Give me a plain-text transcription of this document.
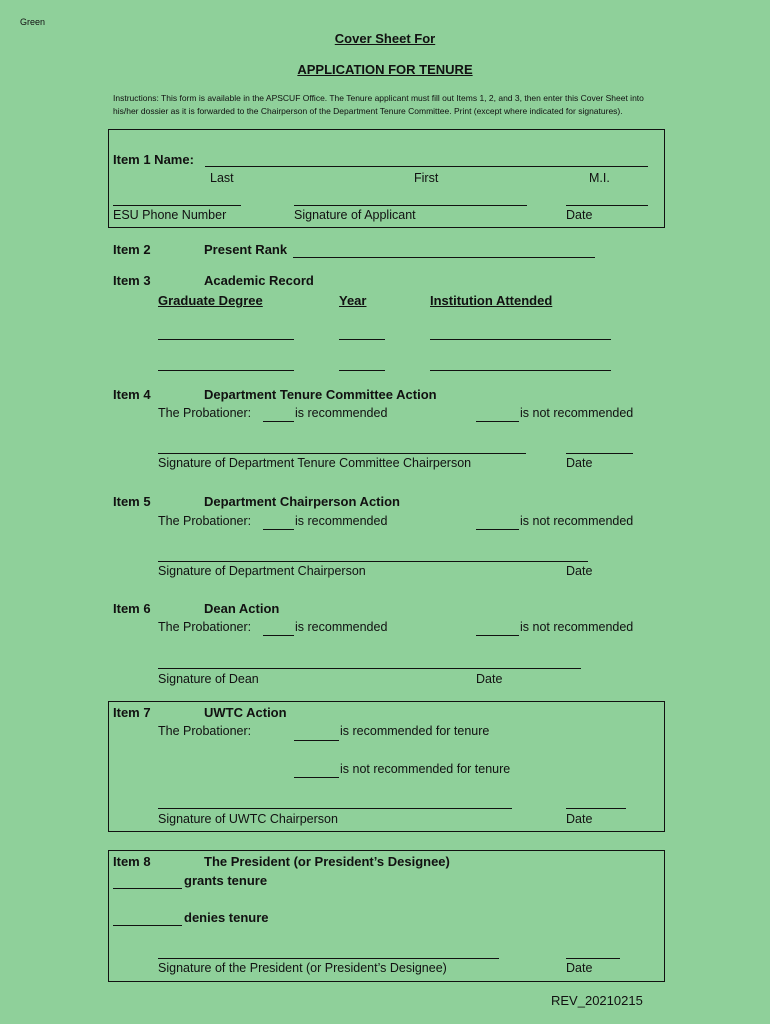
Green
Cover Sheet For
APPLICATION FOR TENURE
Instructions: This form is available in the APSCUF Office. The Tenure applicant must fill out Items 1, 2, and 3, then enter this Cover Sheet into his/her dossier as it is forwarded to the Chairperson of the Department Tenure Committee. Print (except where indicated for signatures).
Item 1 Name:
Last	First	M.I.
ESU Phone Number	Signature of Applicant	Date
Item 2	Present Rank
Item 3	Academic Record
Graduate Degree	Year	Institution Attended
Item 4	Department Tenure Committee Action
The Probationer:	is recommended	is not recommended
Signature of Department Tenure Committee Chairperson	Date
Item 5	Department Chairperson Action
The Probationer:	is recommended	is not recommended
Signature of Department Chairperson	Date
Item 6	Dean Action
The Probationer:	is recommended	is not recommended
Signature of Dean	Date
Item 7	UWTC Action
The Probationer:	is recommended for tenure
is not recommended for tenure
Signature of UWTC Chairperson	Date
Item 8	The President (or President’s Designee)
grants tenure
denies tenure
Signature of the President (or President’s Designee)	Date
REV_20210215
